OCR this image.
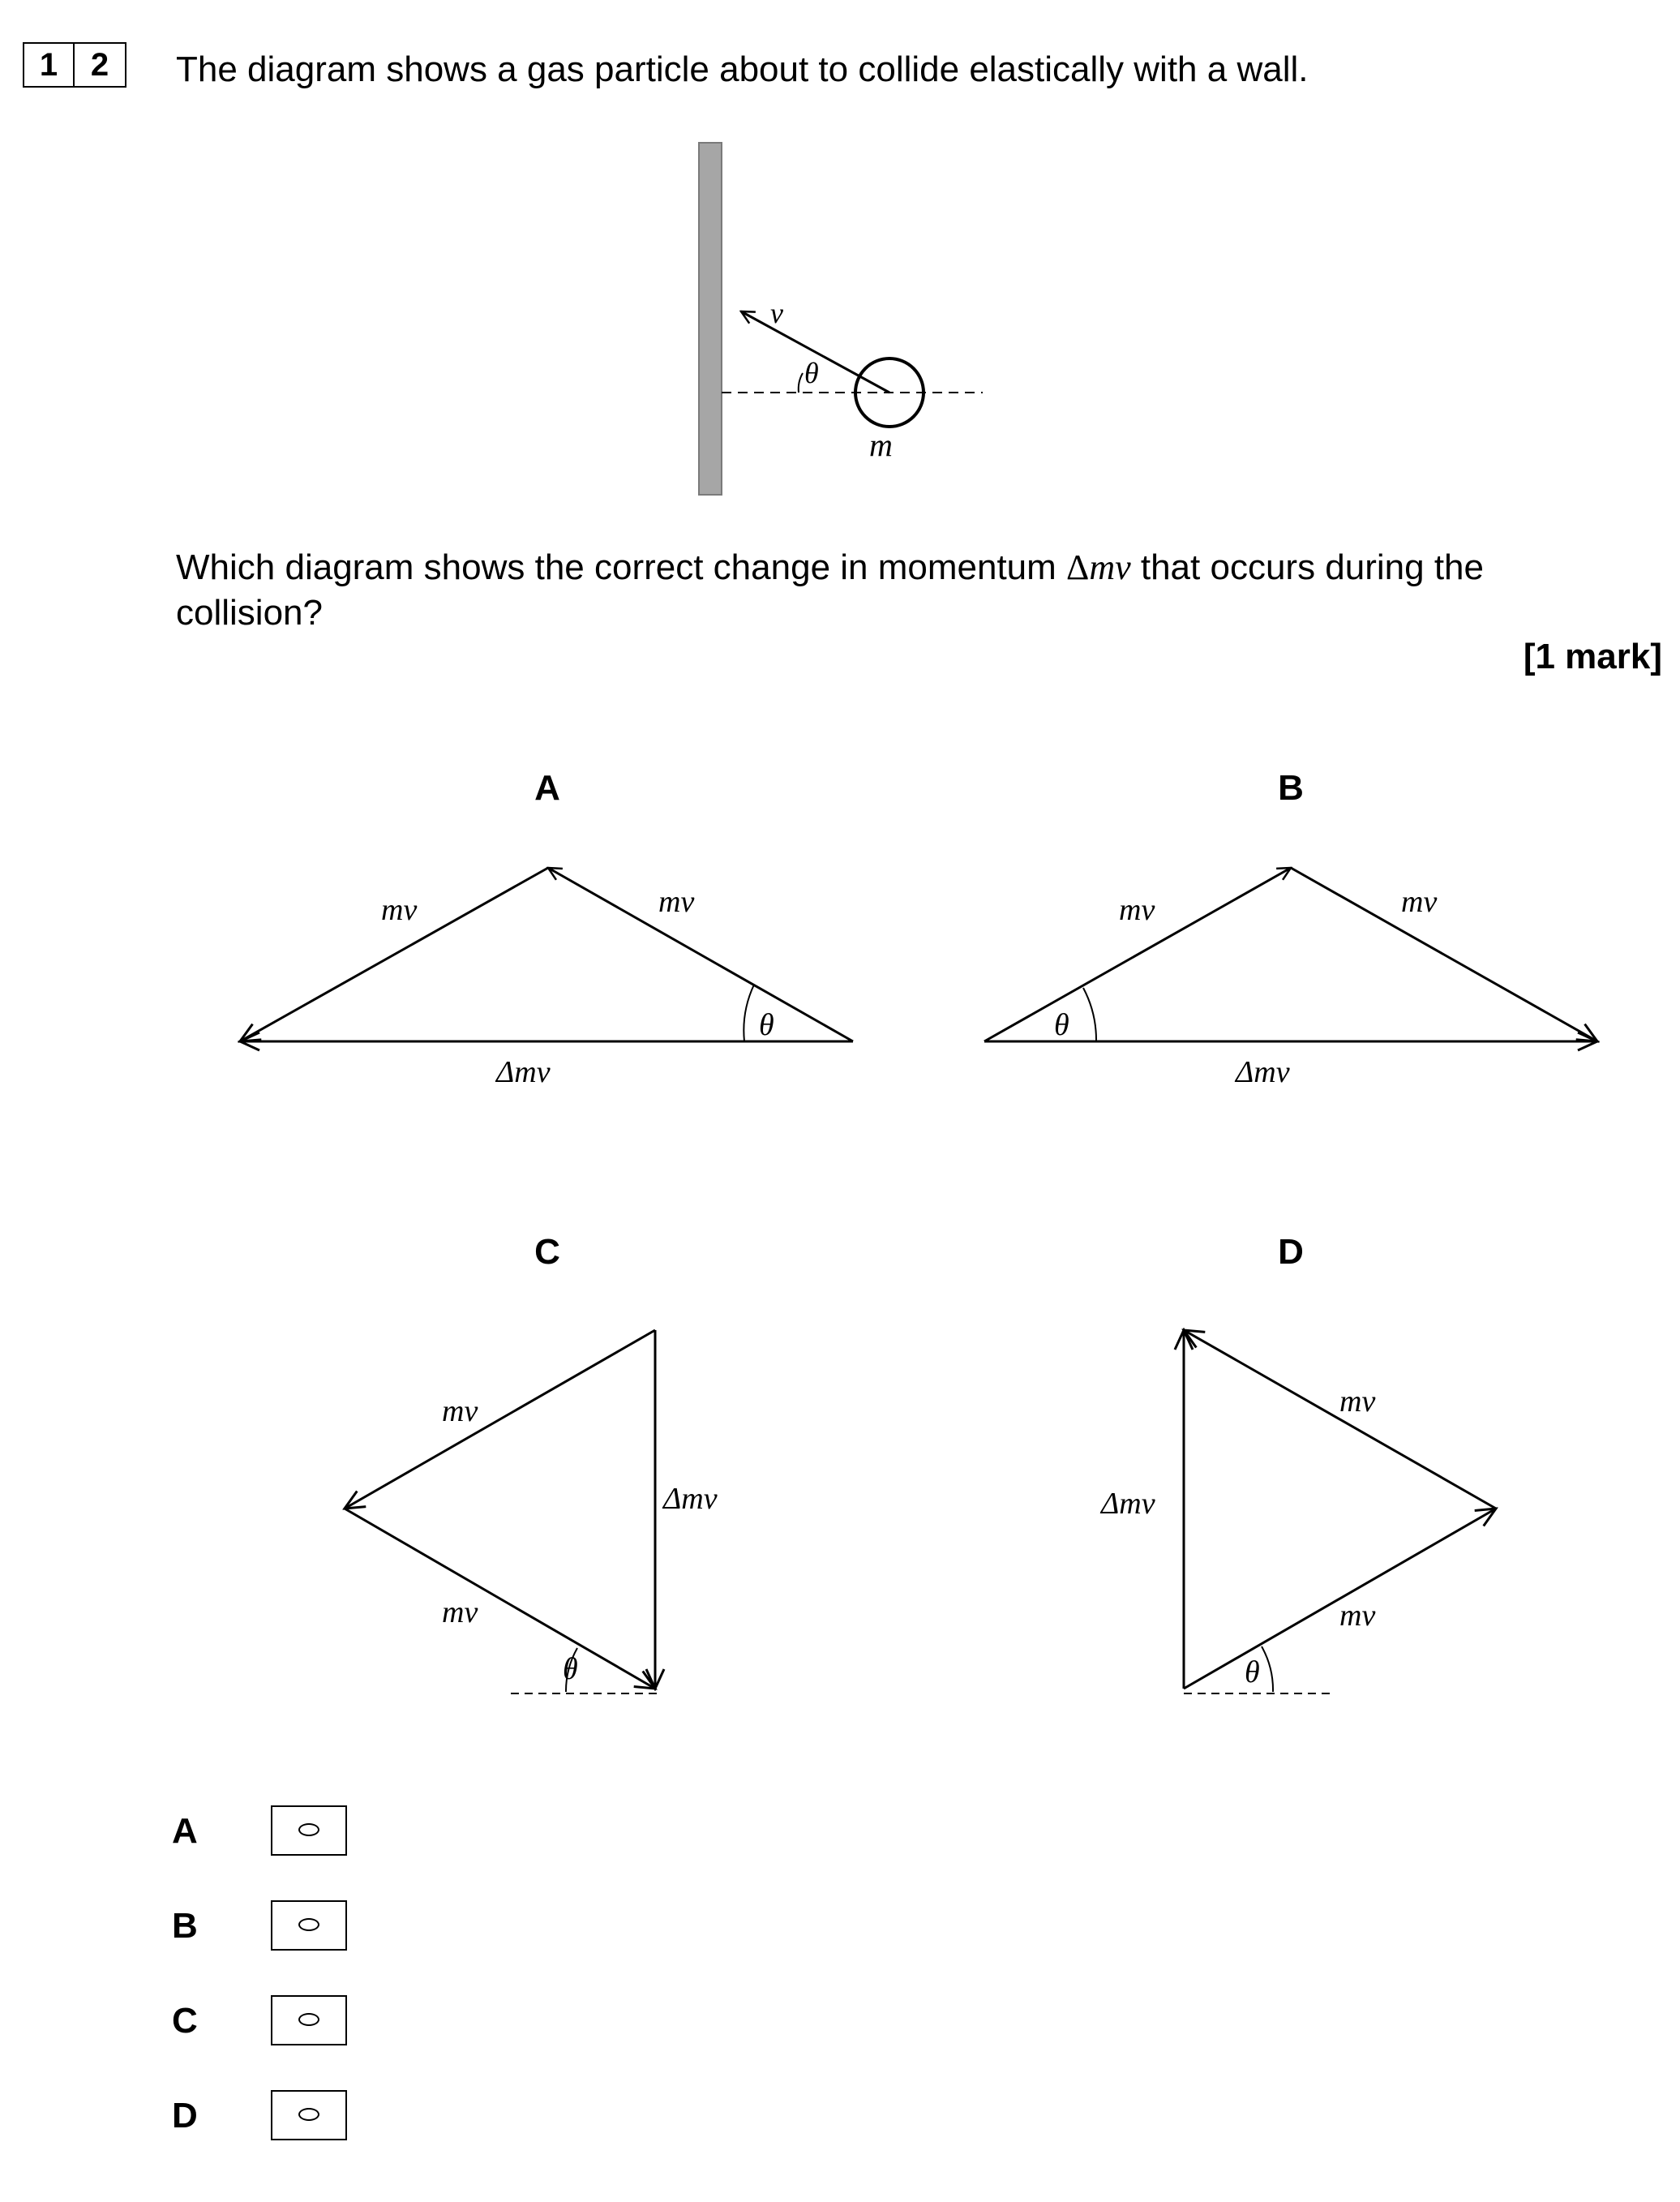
1	2	The diagram shows a gas particle about to collide elastically with a wall.
Which diagram shows the correct change in momentum Δmv that occurs during the collision?
[1 mark]
v
θ
m
A
mv	mv
Δmv
θ
B
mv	mv
Δmv
θ
C
mv
mv
Δmv
θ
D
mv
mv
Δmv
θ
A
B
C
D
